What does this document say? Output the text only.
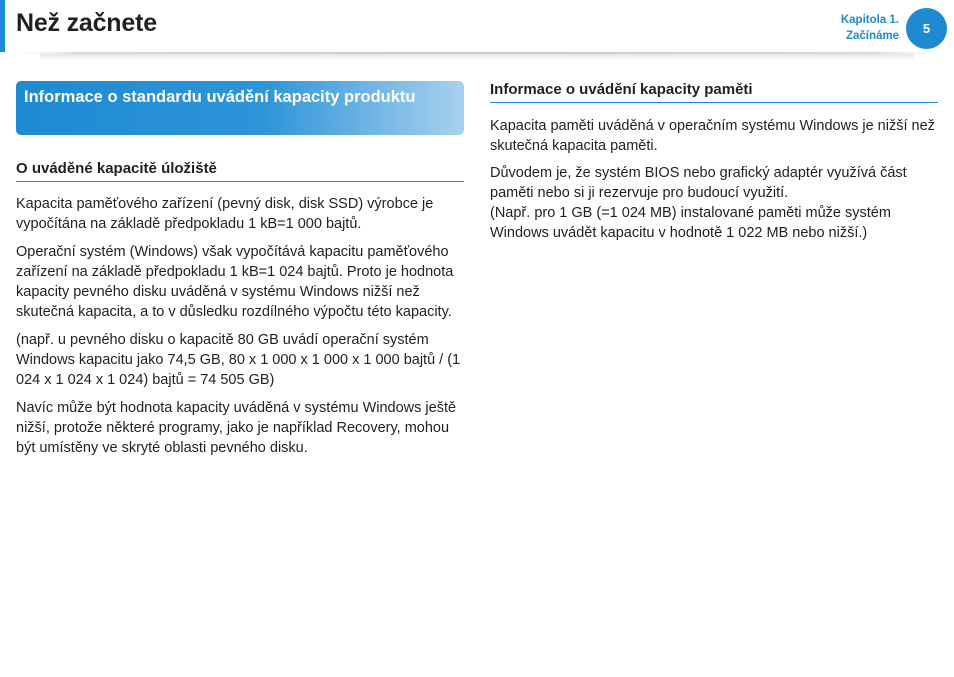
Než začnete	Kapitola 1.
Začínáme	5
Informace o standardu uvádění kapacity produktu
O uváděné kapacitě úložiště

Kapacita paměťového zařízení (pevný disk, disk SSD) výrobce je vypočítána na základě předpokladu 1 kB=1 000 bajtů.

Operační systém (Windows) však vypočítává kapacitu paměťového zařízení na základě předpokladu 1 kB=1 024 bajtů. Proto je hodnota kapacity pevného disku uváděná v systému Windows nižší než skutečná kapacita, a to v důsledku rozdílného výpočtu této kapacity.

(např. u pevného disku o kapacitě 80 GB uvádí operační systém Windows kapacitu jako 74,5 GB, 80 x 1 000 x 1 000 x 1 000 bajtů / (1 024 x 1 024 x 1 024) bajtů = 74 505 GB)

Navíc může být hodnota kapacity uváděná v systému Windows ještě nižší, protože některé programy, jako je například Recovery, mohou být umístěny ve skryté oblasti pevného disku.

Informace o uvádění kapacity paměti

Kapacita paměti uváděná v operačním systému Windows je nižší než skutečná kapacita paměti.

Důvodem je, že systém BIOS nebo grafický adaptér využívá část paměti nebo si ji rezervuje pro budoucí využití.
(Např. pro 1 GB (=1 024 MB) instalované paměti může systém Windows uvádět kapacitu v hodnotě 1 022 MB nebo nižší.)
